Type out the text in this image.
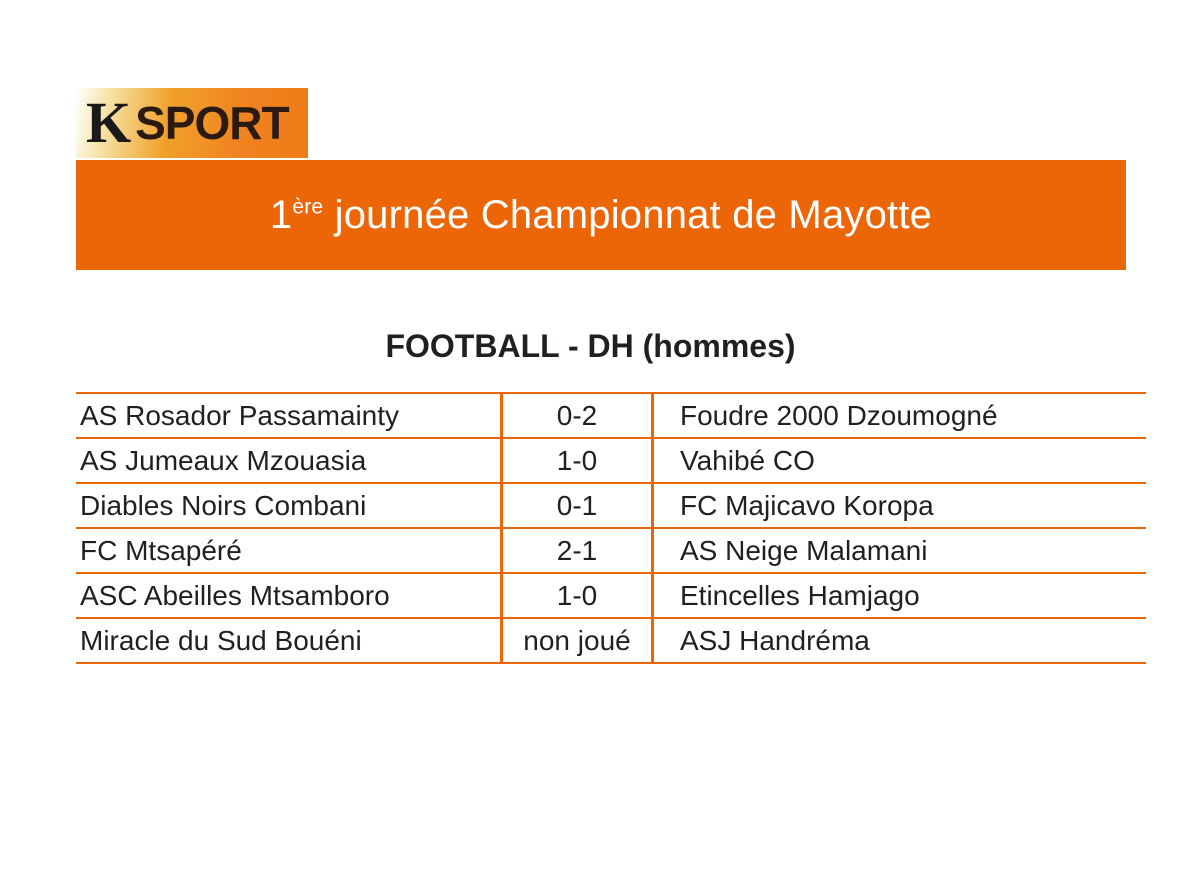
K SPORT
1ère journée Championnat de Mayotte
FOOTBALL - DH (hommes)
AS Rosador Passamainty	0-2	Foudre 2000 Dzoumogné
AS Jumeaux Mzouasia	1-0	Vahibé CO
Diables Noirs Combani	0-1	FC Majicavo Koropa
FC Mtsapéré	2-1	AS Neige Malamani
ASC Abeilles Mtsamboro	1-0	Etincelles Hamjago
Miracle du Sud Bouéni	non joué	ASJ Handréma
